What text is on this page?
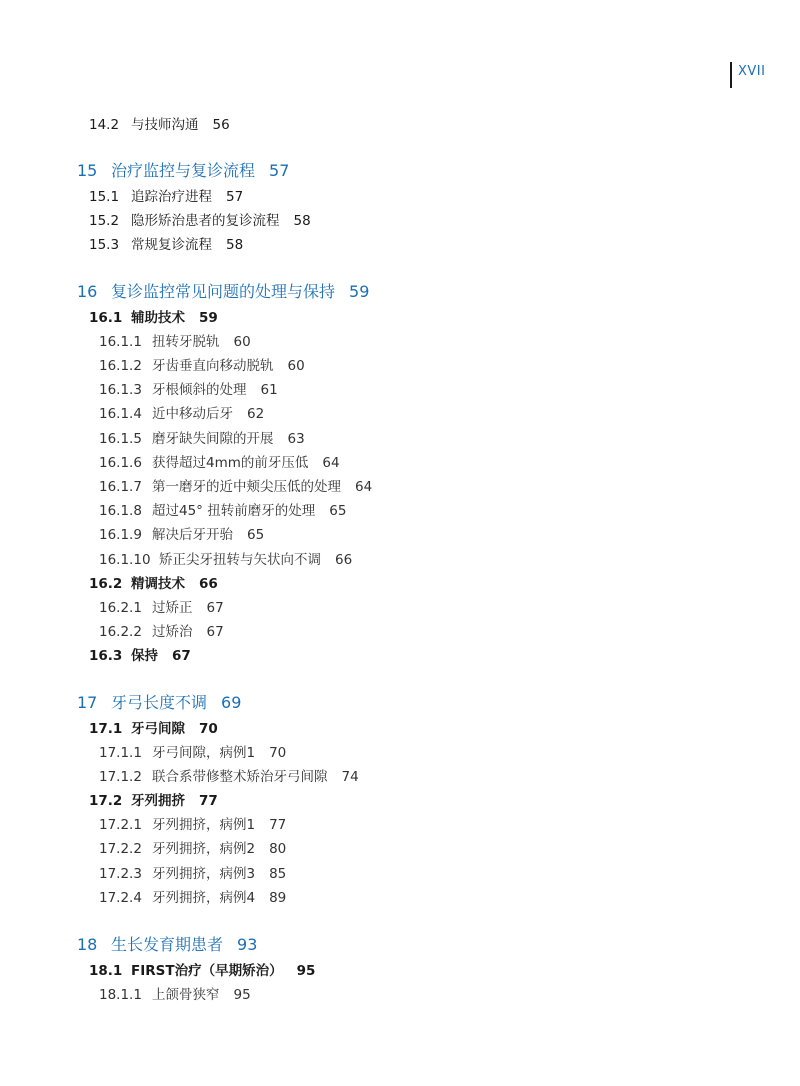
XVII
14.2 与技师沟通 56
15 治疗监控与复诊流程 57
15.1 追踪治疗进程 57
15.2 隐形矫治患者的复诊流程 58
15.3 常规复诊流程 58
16 复诊监控常见问题的处理与保持 59
16.1 辅助技术 59
16.1.1 扭转牙脱轨 60
16.1.2 牙齿垂直向移动脱轨 60
16.1.3 牙根倾斜的处理 61
16.1.4 近中移动后牙 62
16.1.5 磨牙缺失间隙的开展 63
16.1.6 获得超过4mm的前牙压低 64
16.1.7 第一磨牙的近中颊尖压低的处理 64
16.1.8 超过45° 扭转前磨牙的处理 65
16.1.9 解决后牙开骀 65
16.1.10 矫正尖牙扭转与矢状向不调 66
16.2 精调技术 66
16.2.1 过矫正 67
16.2.2 过矫治 67
16.3 保持 67
17 牙弓长度不调 69
17.1 牙弓间隙 70
17.1.1 牙弓间隙，病例1 70
17.1.2 联合系带修整术矫治牙弓间隙 74
17.2 牙列拥挤 77
17.2.1 牙列拥挤，病例1 77
17.2.2 牙列拥挤，病例2 80
17.2.3 牙列拥挤，病例3 85
17.2.4 牙列拥挤，病例4 89
18 生长发育期患者 93
18.1 FIRST治疗（早期矫治） 95
18.1.1 上颌骨狭窄 95
